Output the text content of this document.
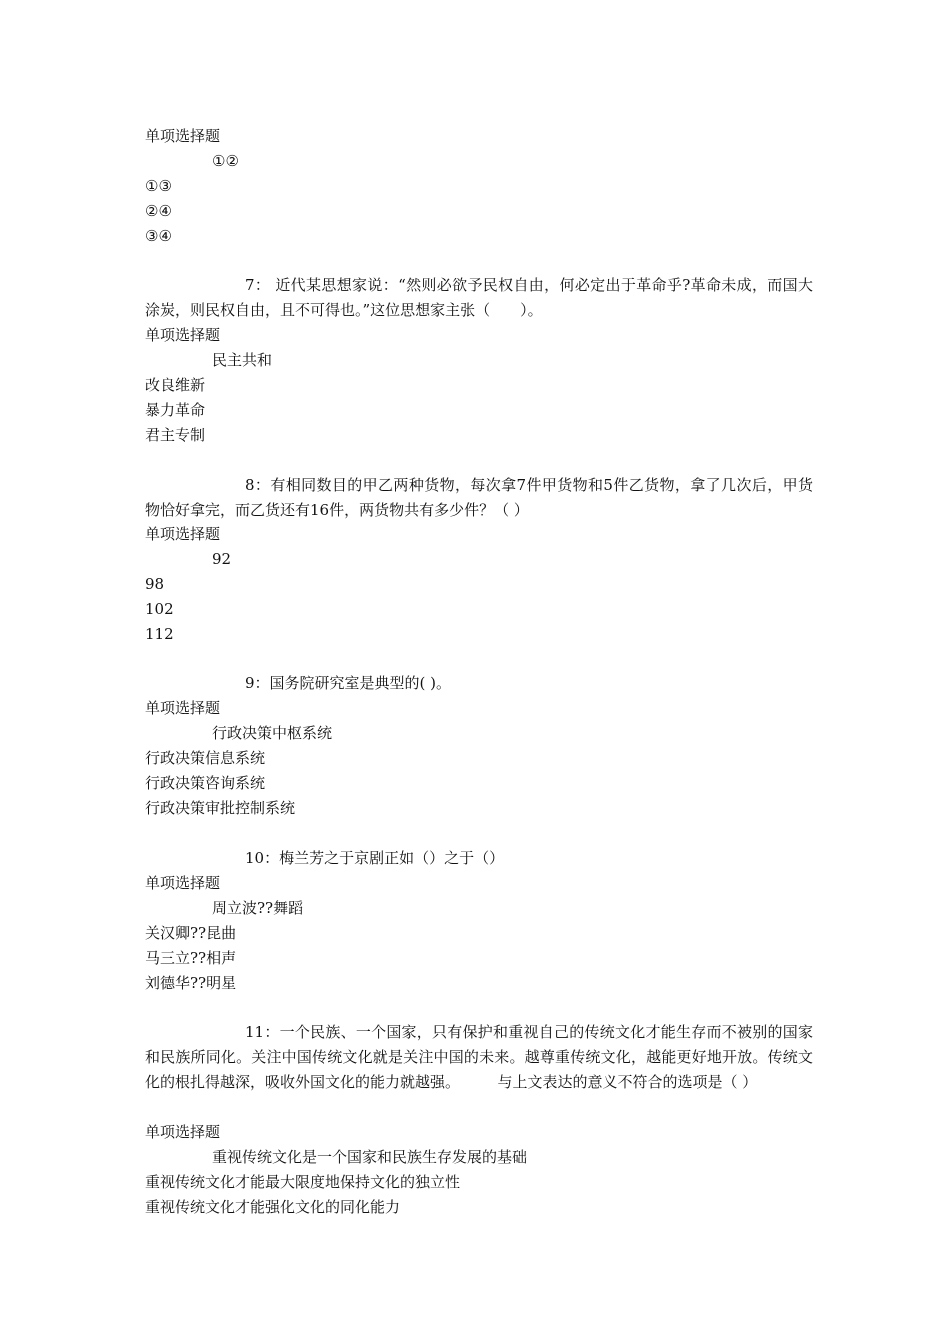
单项选择题
①②
①③
②④
③④
7： 近代某思想家说：“然则必欲予民权自由，何必定出于革命乎?革命未成，而国大涂炭，则民权自由，且不可得也。”这位思想家主张（　　）。
单项选择题
民主共和
改良维新
暴力革命
君主专制
8：有相同数目的甲乙两种货物，每次拿7件甲货物和5件乙货物，拿了几次后，甲货物恰好拿完，而乙货还有16件，两货物共有多少件？（ ）
单项选择题
92
98
102
112
9：国务院研究室是典型的( )。
单项选择题
行政决策中枢系统
行政决策信息系统
行政决策咨询系统
行政决策审批控制系统
10：梅兰芳之于京剧正如（）之于（）
单项选择题
周立波??舞蹈
关汉卿??昆曲
马三立??相声
刘德华??明星
11：一个民族、一个国家，只有保护和重视自己的传统文化才能生存而不被别的国家和民族所同化。关注中国传统文化就是关注中国的未来。越尊重传统文化，越能更好地开放。传统文化的根扎得越深，吸收外国文化的能力就越强。　　　与上文表达的意义不符合的选项是（ ）
单项选择题
重视传统文化是一个国家和民族生存发展的基础
重视传统文化才能最大限度地保持文化的独立性
重视传统文化才能强化文化的同化能力
